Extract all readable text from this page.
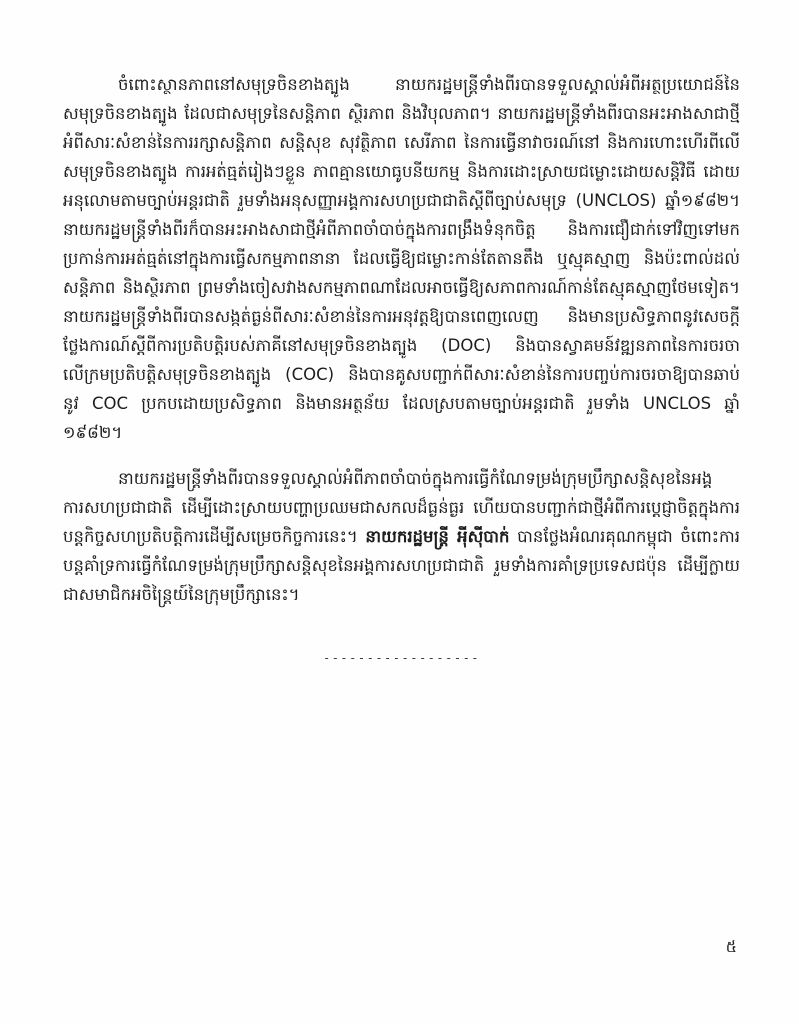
ចំពោះស្ថានភាពនៅសមុទ្រចិនខាងត្បូង នាយករដ្ឋមន្ត្រីទាំងពីរបានទទួលស្គាល់អំពីអត្ថប្រយោជន៍នៃសមុទ្រចិនខាងត្បូង ដែលជាសមុទ្រនៃសន្តិភាព ស្ថិរភាព និងវិបុលភាព។ នាយករដ្ឋមន្ត្រីទាំងពីរបានអះអាងសាជាថ្មីអំពីសារៈសំខាន់នៃការរក្សាសន្តិភាព សន្តិសុខ សុវត្ថិភាព សេរីភាព នៃការធ្វើនាវាចរណ៍នៅ និងការហោះហើរពីលើសមុទ្រចិនខាងត្បូង ការអត់ធ្មត់រៀងៗខ្លួន ភាពគ្មានយោធូបនីយកម្ម និងការដោះស្រាយជម្លោះដោយសន្តិវិធី ដោយអនុលោមតាមច្បាប់អន្តរជាតិ រួមទាំងអនុសញ្ញាអង្គការសហប្រជាជាតិស្តីពីច្បាប់សមុទ្រ (UNCLOS) ឆ្នាំ១៩៨២។ នាយករដ្ឋមន្ត្រីទាំងពីរក៏បានអះអាងសាជាថ្មីអំពីភាពចាំបាច់ក្នុងការពង្រឹងទំនុកចិត្ត និងការជឿជាក់ទៅវិញទៅមក ប្រកាន់ការអត់ធ្មត់នៅក្នុងការធ្វើសកម្មភាពនានា ដែលធ្វើឱ្យជម្លោះកាន់តែតានតឹង ឬស្មុគស្មាញ និងប៉ះពាល់ដល់សន្តិភាព និងស្ថិរភាព ព្រមទាំងចៀសវាងសកម្មភាពណាដែលអាចធ្វើឱ្យសភាពការណ៍កាន់តែស្មុគស្មាញថែមទៀត។ នាយករដ្ឋមន្ត្រីទាំងពីរបានសង្កត់ធ្ងន់ពីសារៈសំខាន់នៃការអនុវត្តឱ្យបានពេញលេញ និងមានប្រសិទ្ធភាពនូវសេចក្តីថ្លែងការណ៍ស្តីពីការប្រតិបត្តិរបស់ភាគីនៅសមុទ្រចិនខាងត្បូង (DOC) និងបានស្វាគមន៍វឌ្ឍនភាពនៃការចរចាលើក្រមប្រតិបត្តិសមុទ្រចិនខាងត្បូង (COC) និងបានគូសបញ្ជាក់ពីសារៈសំខាន់នៃការបញ្ចប់ការចរចាឱ្យបានឆាប់ នូវ COC ប្រកបដោយប្រសិទ្ធភាព និងមានអត្ថន័យ ដែលស្របតាមច្បាប់អន្តរជាតិ រួមទាំង UNCLOS ឆ្នាំ ១៩៨២។

នាយករដ្ឋមន្ត្រីទាំងពីរបានទទួលស្គាល់អំពីភាពចាំបាច់ក្នុងការធ្វើកំណែទម្រង់ក្រុមប្រឹក្សាសន្តិសុខនៃអង្គការសហប្រជាជាតិ ដើម្បីដោះស្រាយបញ្ហាប្រឈមជាសកលដ៏ធ្ងន់ធ្ងរ ហើយបានបញ្ជាក់ជាថ្មីអំពីការប្តេជ្ញាចិត្តក្នុងការបន្តកិច្ចសហប្រតិបត្តិការដើម្បីសម្រេចកិច្ចការនេះ។ នាយករដ្ឋមន្ត្រី អុីស៊ីបាក់ បានថ្លែងអំណរគុណកម្ពុជា ចំពោះការបន្តគាំទ្រការធ្វើកំណែទម្រង់ក្រុមប្រឹក្សាសន្តិសុខនៃអង្គការសហប្រជាជាតិ រួមទាំងការគាំទ្រប្រទេសជប៉ុន ដើម្បីក្លាយជាសមាជិកអចិន្ត្រៃយ៍នៃក្រុមប្រឹក្សានេះ។

------------------
៥
